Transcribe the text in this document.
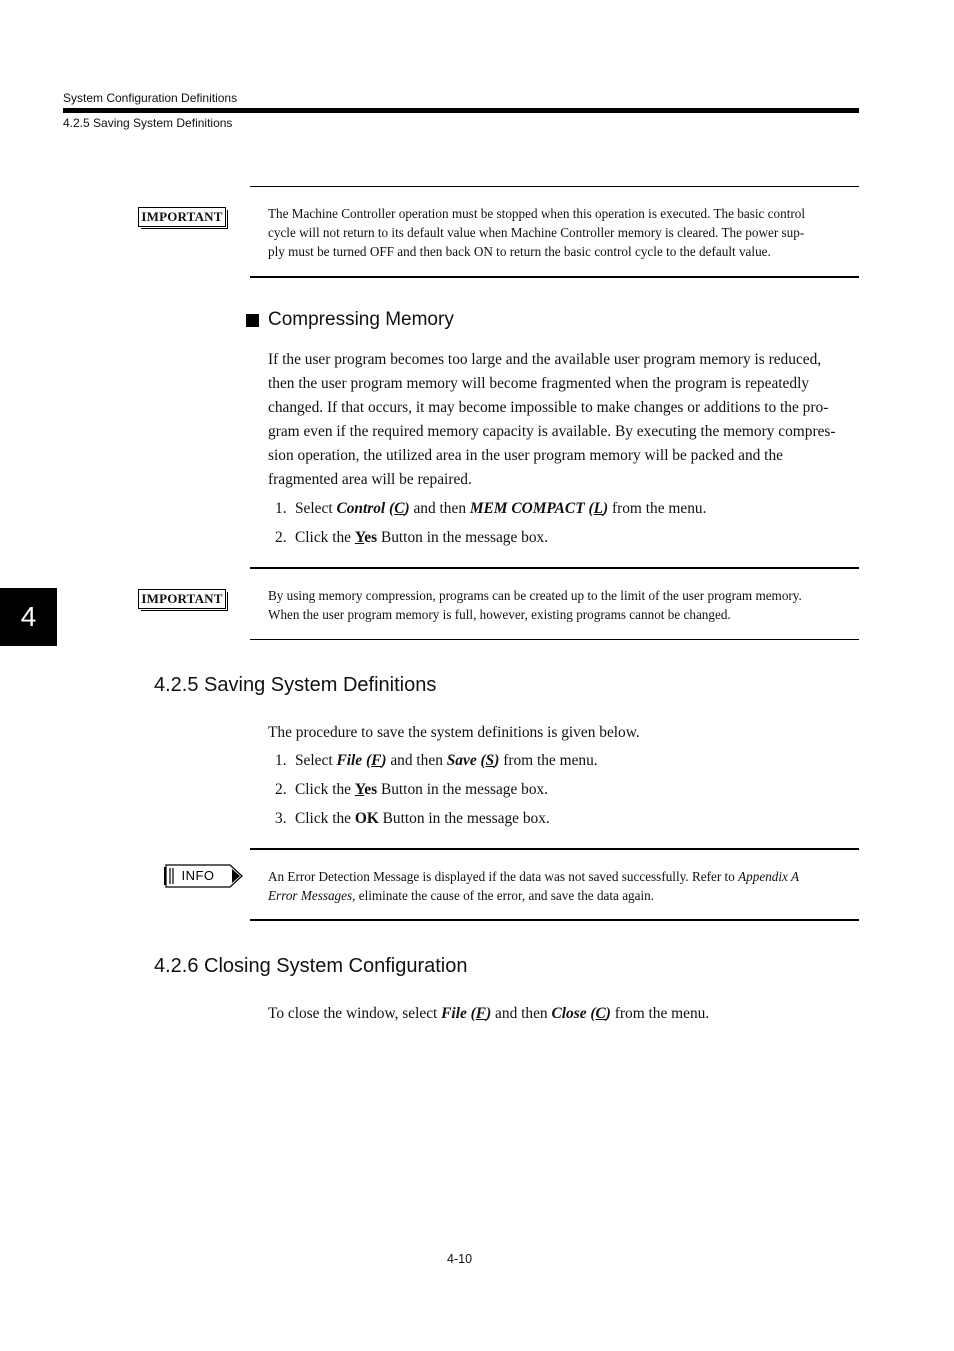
System Configuration Definitions
4.2.5 Saving System Definitions
IMPORTANT	The Machine Controller operation must be stopped when this operation is executed. The basic control
cycle will not return to its default value when Machine Controller memory is cleared. The power sup-
ply must be turned OFF and then back ON to return the basic control cycle to the default value.
Compressing Memory
If the user program becomes too large and the available user program memory is reduced,
then the user program memory will become fragmented when the program is repeatedly
changed. If that occurs, it may become impossible to make changes or additions to the pro-
gram even if the required memory capacity is available. By executing the memory compres-
sion operation, the utilized area in the user program memory will be packed and the
fragmented area will be repaired.
1. Select Control (C) and then MEM COMPACT (L) from the menu.
2. Click the Yes Button in the message box.
IMPORTANT	By using memory compression, programs can be created up to the limit of the user program memory.
When the user program memory is full, however, existing programs cannot be changed.
4
4.2.5 Saving System Definitions
The procedure to save the system definitions is given below.
1. Select File (F) and then Save (S) from the menu.
2. Click the Yes Button in the message box.
3. Click the OK Button in the message box.
INFO	An Error Detection Message is displayed if the data was not saved successfully. Refer to Appendix A
Error Messages, eliminate the cause of the error, and save the data again.
4.2.6 Closing System Configuration
To close the window, select File (F) and then Close (C) from the menu.
4-10
